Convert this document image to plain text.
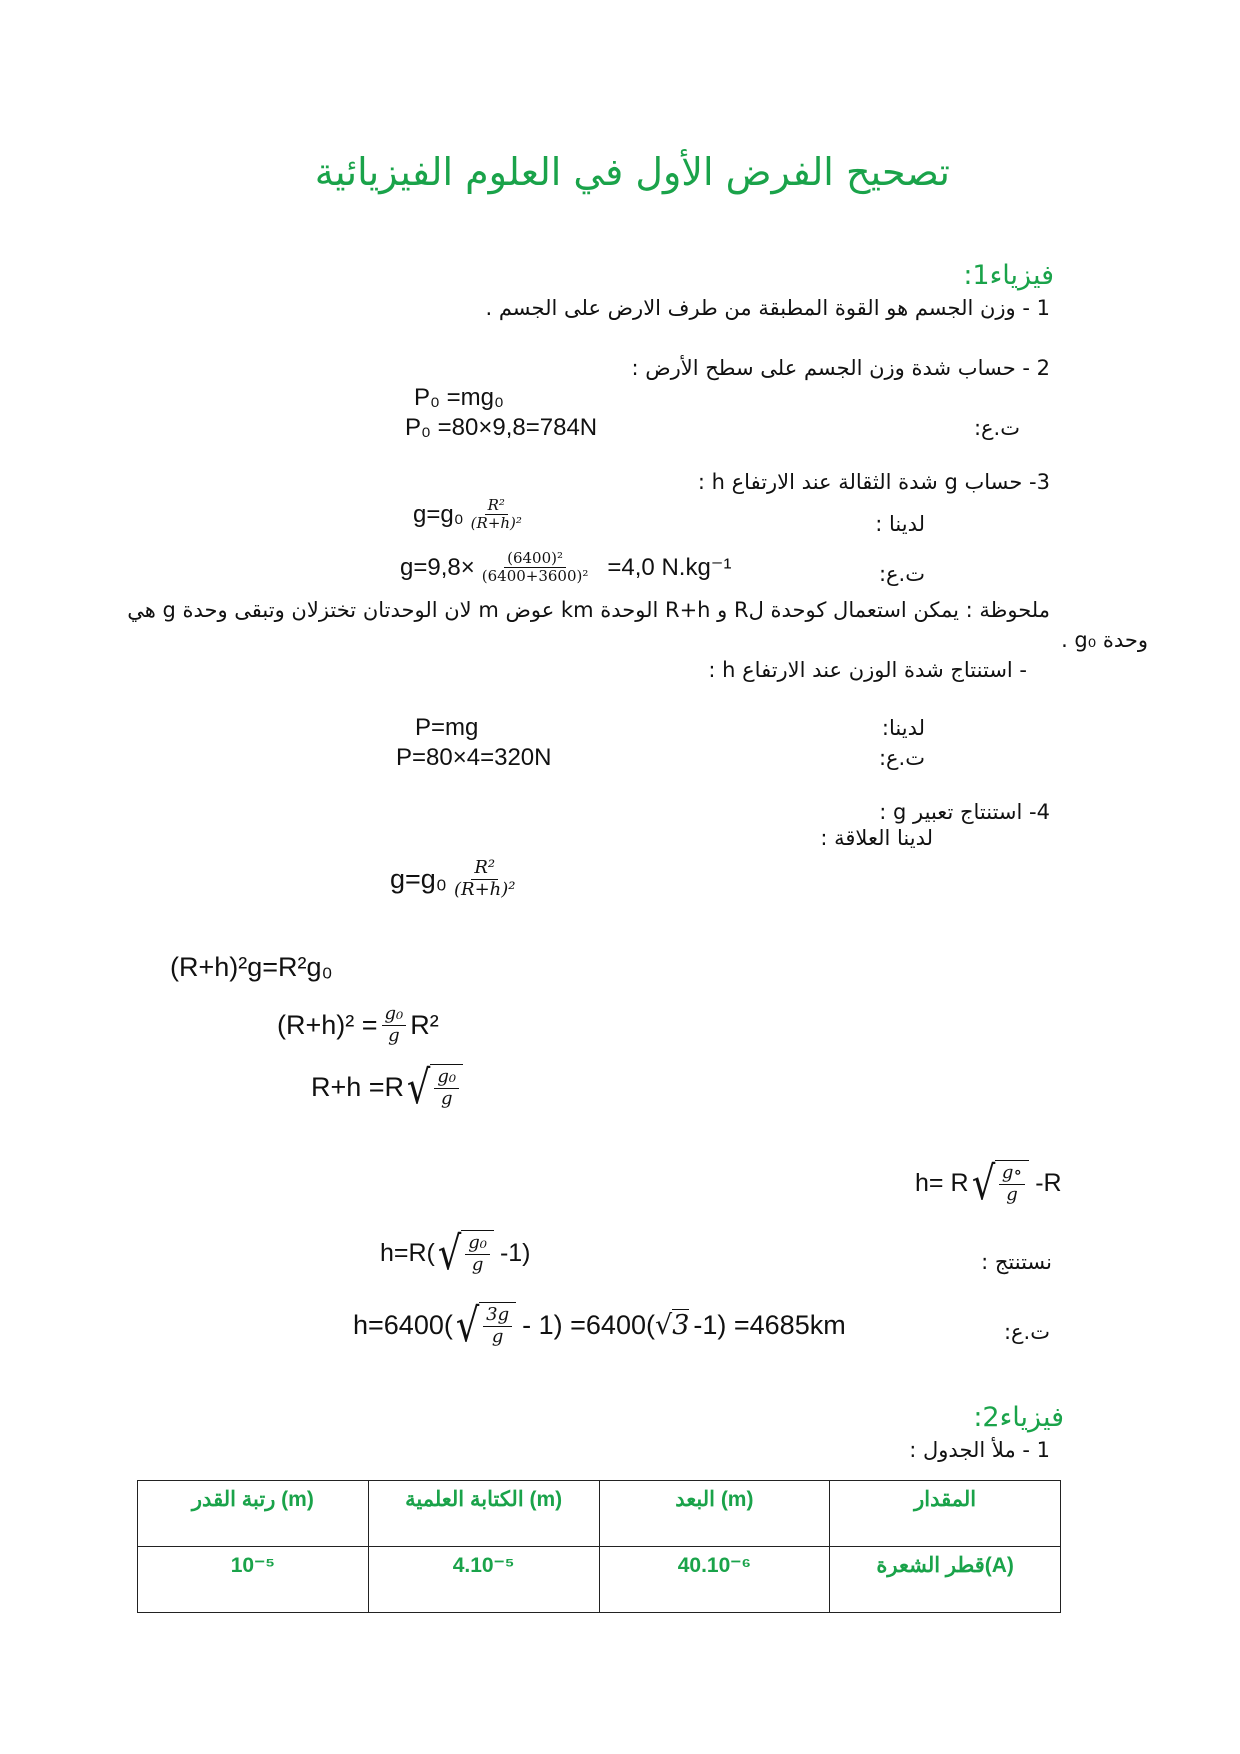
تصحيح الفرض الأول في العلوم الفيزيائية
فيزياء1:
1 - وزن الجسم هو القوة المطبقة من طرف الارض على الجسم .
2 - حساب شدة وزن الجسم على سطح الأرض :
P₀ =mg₀
P₀ =80×9,8=784N	ت.ع:
3- حساب g شدة الثقالة عند الارتفاع h :
لدينا :
$g=g_0 \frac{\text{R²}}{\text{(R+h)²}}$
$g=9,8\times \frac{\text{(6400)²}}{\text{(6400+3600)²}} =4,0$ N.kg⁻¹	ت.ع:
ملحوظة : يمكن استعمال كوحدة لR و R+h الوحدة km عوض m لان الوحدتان تختزلان وتبقى وحدة g هي
وحدة g₀ .
- استنتاج شدة الوزن عند الارتفاع h :
P=mg	لدينا:
P=80×4=320N	ت.ع:
4- استنتاج تعبير g :
لدينا العلاقة :
$g=g_0 \frac{\text{R²}}{\text{(R+h)²}}$
(R+h)²g=R²g₀
$(R+h)^2 = \frac{\text{g₀}}{g} R^2$
R+h =R √ $\frac{\text{g₀}}{g}$
h= R √ $\frac{g\circ}{g} -R$
h=R( √ $\frac{\text{g₀}}{g} -1$)	نستنتج :
h=6400( √ $\frac{3g}{g} - 1) =6400$( √ 3 -1) =4685km	ت.ع:
فيزياء2:
1 - ملأ الجدول :
رتبة القدر (m)	الكتابة العلمية (m)	البعد (m)	المقدار
10⁻⁵	4.10⁻⁵	40.10⁻⁶	قطر الشعرة(A)
